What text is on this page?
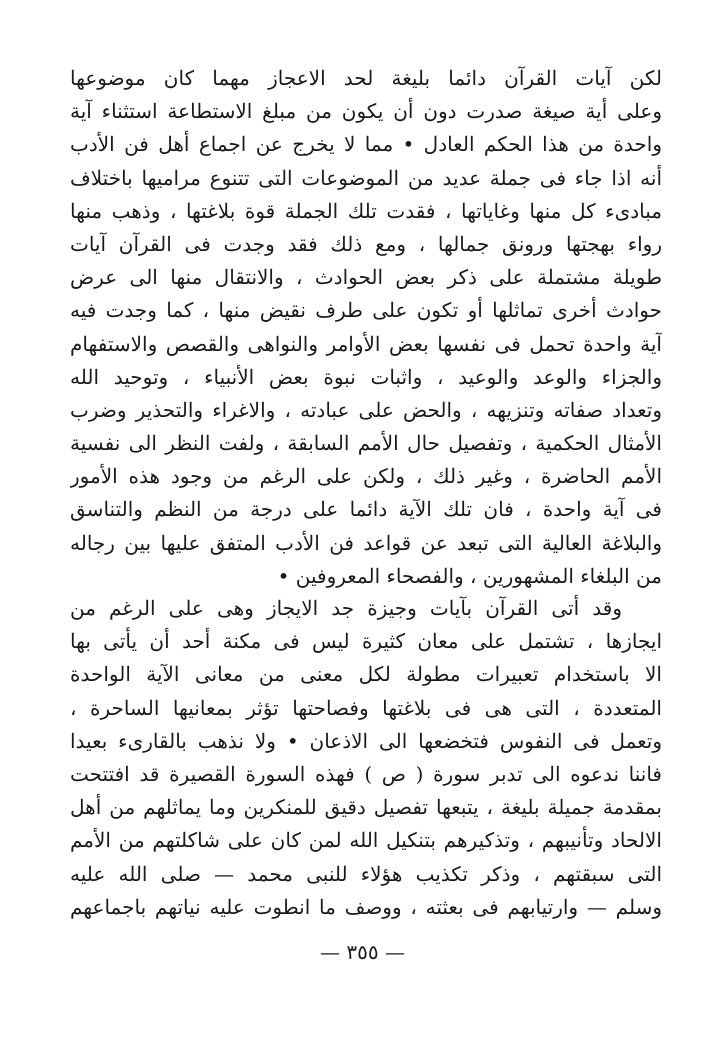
لكن آيات القرآن دائما بليغة لحد الاعجاز مهما كان موضوعها
وعلى أية صيغة صدرت دون أن يكون من مبلغ الاستطاعة استثناء آية
واحدة من هذا الحكم العادل • مما لا يخرج عن اجماع أهل فن الأدب
أنه اذا جاء فى جملة عديد من الموضوعات التى تتنوع مراميها باختلاف
مبادىء كل منها وغاياتها ، فقدت تلك الجملة قوة بلاغتها ، وذهب منها
رواء بهجتها ورونق جمالها ، ومع ذلك فقد وجدت فى القرآن آيات
طويلة مشتملة على ذكر بعض الحوادث ، والانتقال منها الى عرض
حوادث أخرى تماثلها أو تكون على طرف نقيض منها ، كما وجدت فيه
آية واحدة تحمل فى نفسها بعض الأوامر والنواهى والقصص والاستفهام
والجزاء والوعد والوعيد ، واثبات نبوة بعض الأنبياء ، وتوحيد الله
وتعداد صفاته وتنزيهه ، والحض على عبادته ، والاغراء والتحذير وضرب
الأمثال الحكمية ، وتفصيل حال الأمم السابقة ، ولفت النظر الى نفسية
الأمم الحاضرة ، وغير ذلك ، ولكن على الرغم من وجود هذه الأمور
فى آية واحدة ، فان تلك الآية دائما على درجة من النظم والتناسق
والبلاغة العالية التى تبعد عن قواعد فن الأدب المتفق عليها بين رجاله
من البلغاء المشهورين ، والفصحاء المعروفين •
وقد أتى القرآن بآيات وجيزة جد الايجاز وهى على الرغم من
ايجازها ، تشتمل على معان كثيرة ليس فى مكنة أحد أن يأتى بها
الا باستخدام تعبيرات مطولة لكل معنى من معانى الآية الواحدة
المتعددة ، التى هى فى بلاغتها وفصاحتها تؤثر بمعانيها الساحرة ،
وتعمل فى النفوس فتخضعها الى الاذعان • ولا نذهب بالقارىء بعيدا
فاننا ندعوه الى تدبر سورة ( ص ) فهذه السورة القصيرة قد افتتحت
بمقدمة جميلة بليغة ، يتبعها تفصيل دقيق للمنكرين وما يماثلهم من أهل
الالحاد وتأنيبهم ، وتذكيرهم بتنكيل الله لمن كان على شاكلتهم من الأمم
التى سبقتهم ، وذكر تكذيب هؤلاء للنبى محمد — صلى الله عليه
وسلم — وارتيابهم فى بعثته ، ووصف ما انطوت عليه نياتهم باجماعهم
— ٣٥٥ —
